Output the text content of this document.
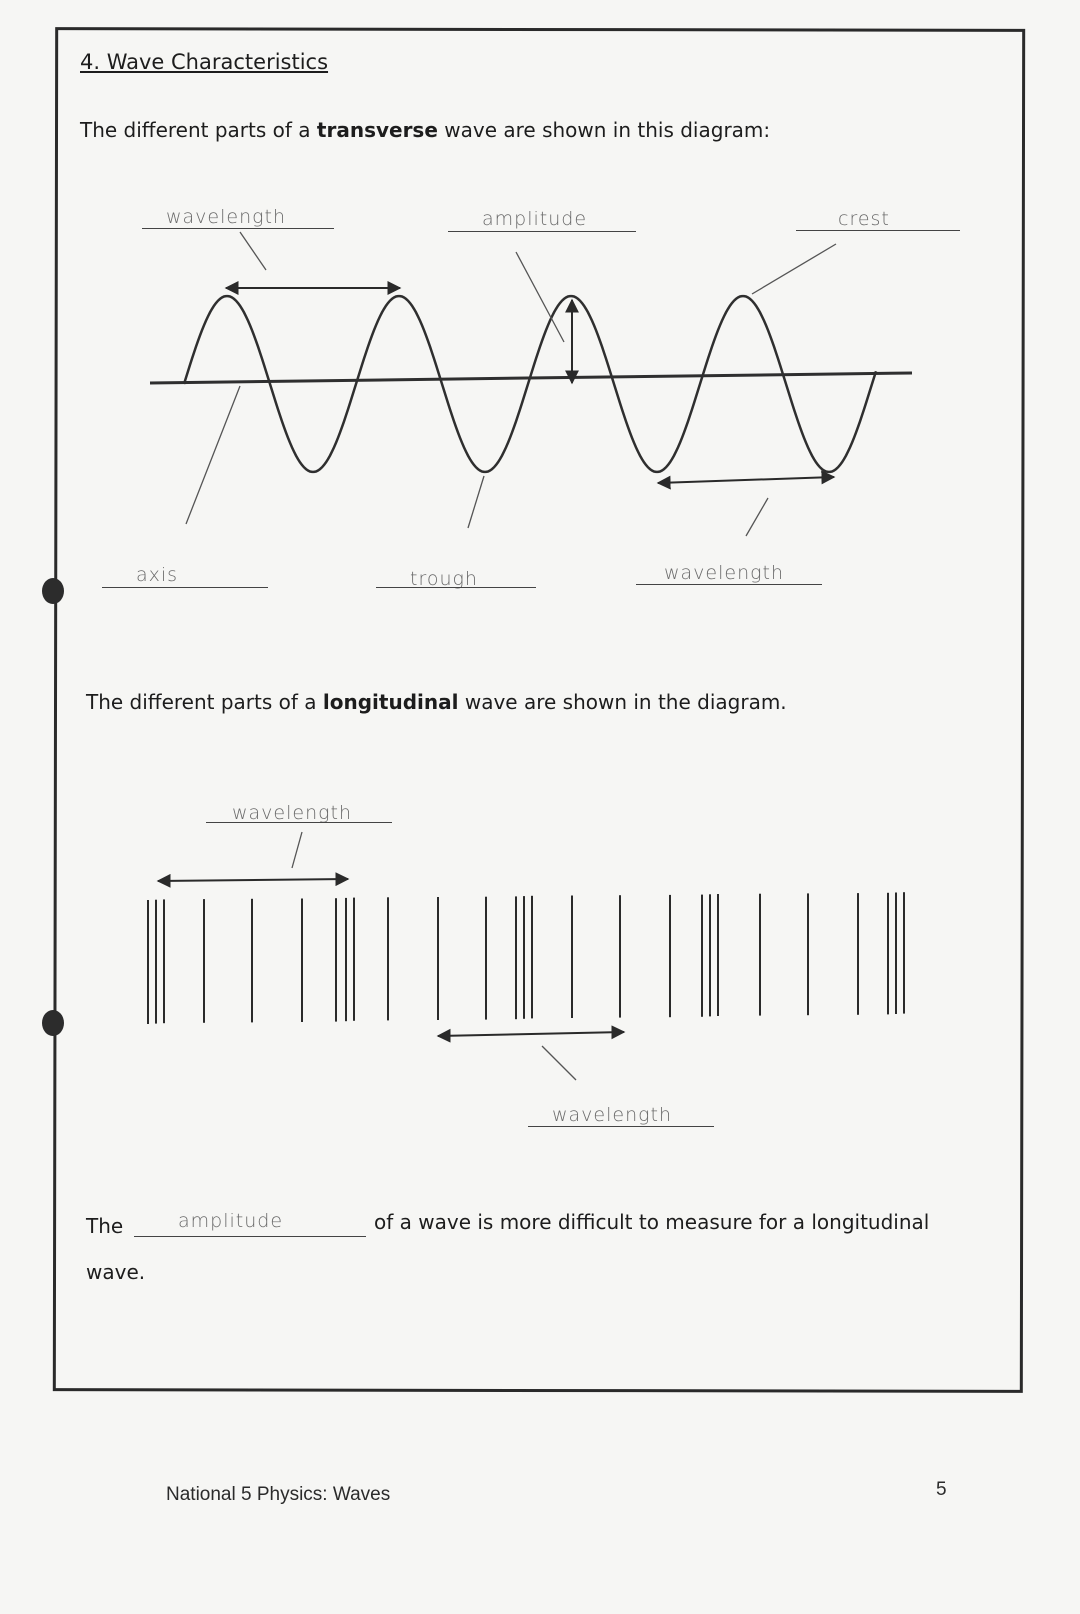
4. Wave Characteristics
The different parts of a transverse wave are shown in this diagram:
wavelength	amplitude	crest
axis	trough	wavelength
The different parts of a longitudinal wave are shown in the diagram.
wavelength
wavelength
The	amplitude	of a wave is more difficult to measure for a longitudinal
wave.
National 5 Physics: Waves	5
